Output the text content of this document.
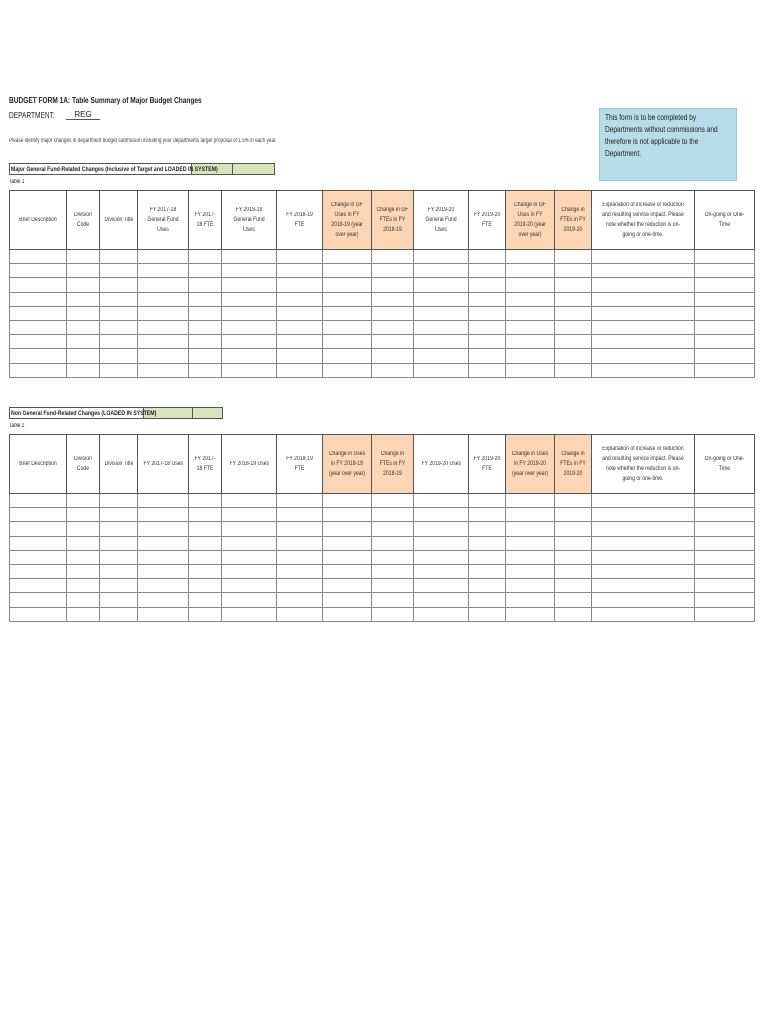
BUDGET FORM 1A: Table Summary of Major Budget Changes
DEPARTMENT:	REG
Please identify major changes in department budget submission including your departments target proposal of 1.5% in each year.
This form is to be completed by Departments without commissions and therefore is not applicable to the Department.
Major General Fund-Related Changes (Inclusive of Target and LOADED IN SYSTEM)
Table 1
Brief Description	Division Code	Division Title	FY 2017-18 General Fund Uses	FY 2017-18 FTE	FY 2018-19 General Fund Uses	FY 2018-19 FTE	Change in GF Uses in FY 2018-19 (year over year)	Change in GF FTEs in FY 2018-19	FY 2019-20 General Fund Uses	FY 2019-20 FTE	Change in GF Uses in FY 2019-20 (year over year)	Change in FTEs in FY 2019-20	Explanation of increase or reduction and resulting service impact. Please note whether the reduction is on-going or one-time.	On-going or One-Time

Non General Fund-Related Changes (LOADED IN SYSTEM)
Table 2
Brief Description	Division Code	Division Title	FY 2017-18 Uses	FY 2017-18 FTE	FY 2018-19 Uses	FY 2018-19 FTE	Change in Uses in FY 2018-19 (year over year)	Change in FTEs in FY 2018-19	FY 2019-20 Uses	FY 2019-20 FTE	Change in Uses in FY 2019-20 (year over year)	Change in FTEs in FY 2019-20	Explanation of increase or reduction and resulting service impact. Please note whether the reduction is on-going or one-time.	On-going or One-Time
